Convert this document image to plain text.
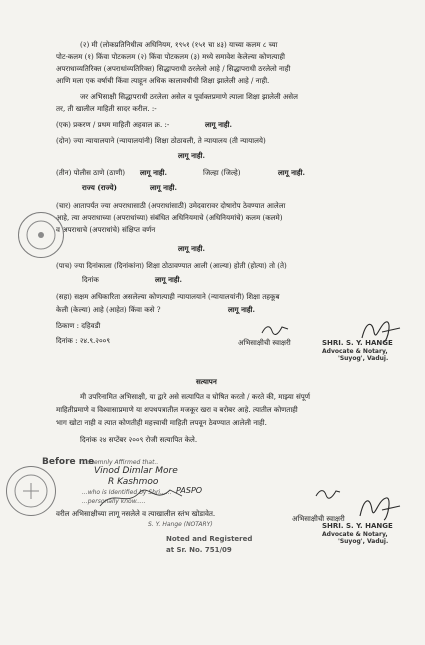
(२) मी (लोकप्रतिनिधीत्व अधिनियम, १९५१ (१५१ चा ४३) याच्या कलम ८ च्या
पोट-कलम (१) किंवा पोटकलम (२) किंवा पोटकलम (३) मध्ये समावेश केलेल्या कोणत्याही
अपराधाव्यतिरिक्त (अपराधांव्यतिरिक्त) सिद्धापराधी ठरलेलो आहे / सिद्धापराधी ठरलेलो नाही
आणि मला एक वर्षाची किंवा त्याहून अधिक कालावधीची शिक्षा झालेली आहे / नाही.
जर अभिसाक्षी सिद्धापराधी ठरलेला असेल व पूर्वाक्तप्रमाणे त्याला शिक्षा झालेली असेल
तर, ती खालील माहिती सादर करील. :-
(एक) प्रकरण / प्रथम माहिती अहवाल क्र. :-	लागू नाही.
(दोन) ज्या न्यायालयाने (न्यायालयांनी) शिक्षा ठोठावली, ते न्यायालय (ती न्यायालये)
लागू नाही.
(तीन) पोलीस ठाणे (ठाणी) लागू नाही.	जिल्हा (जिल्हे)	लागू नाही.
राज्य (राज्ये)	लागू नाही.
(चार) आतापर्यंत ज्या अपराधासाठी (अपराधांसाठी) उमेदवारावर दोषारोप ठेवण्यात आलेला
आहे, त्या अपराधाच्या (अपराधांच्या) संबंधित अधिनियमाचे (अधिनियमांचे) कलम (कलमे)
व अपराधाचे (अपराधांचे) संक्षिप्त वर्णन
लागू नाही.
(पाच) ज्या दिनांकाला (दिनांकांना) शिक्षा ठोठावण्यात आली (आल्या) होती (होत्या) तो (ते)
दिनांक	लागू नाही.
(सहा) सक्षम अधिकारिता असलेल्या कोणत्याही न्यायालयाने (न्यायालयांनी) शिक्षा तहकूब
केली (केल्या) आहे (आहेत) किंवा कसे ?	लागू नाही.
ठिकाण : दहिवडी
दिनांक : २४.९.२००९	अभिसाक्षीची स्वाक्षरी	SHRI. S. Y. HANGE
Advocate & Notary,
'Suyog', Vaduj.
सत्यापन
मी उपरिनामित अभिसाक्षी, या द्वारे असे सत्यापित व घोषित करतो / करते की, माझ्या संपूर्ण
माहितीप्रमाणे व विश्वासाप्रमाणे या शपथपत्रातील मजकूर खरा व बरोबर आहे. त्यातील कोणताही
भाग खोटा नाही व त्यात कोणतीही महत्त्वाची माहिती लपवून ठेवण्यात आलेली नाही.
दिनांक २४ सप्टेंबर २००९ रोजी सत्यापित केले.
Before me
...ssemnly Affirmed that..
Vinod Dimlar More
R Kashmoo
...who is Identified by Shri...... PASPO
...personally know.....
वरील अभिसाक्षीच्या लागू नसलेले व त्याखालील स्तंभ खोडावेत.
S. Y. Hange (NOTARY)
Noted and Registered
at Sr. No. 751/09
अभिसाक्षीची स्वाक्षरी
SHRI. S. Y. HANGE
Advocate & Notary,
'Suyog', Vaduj.
